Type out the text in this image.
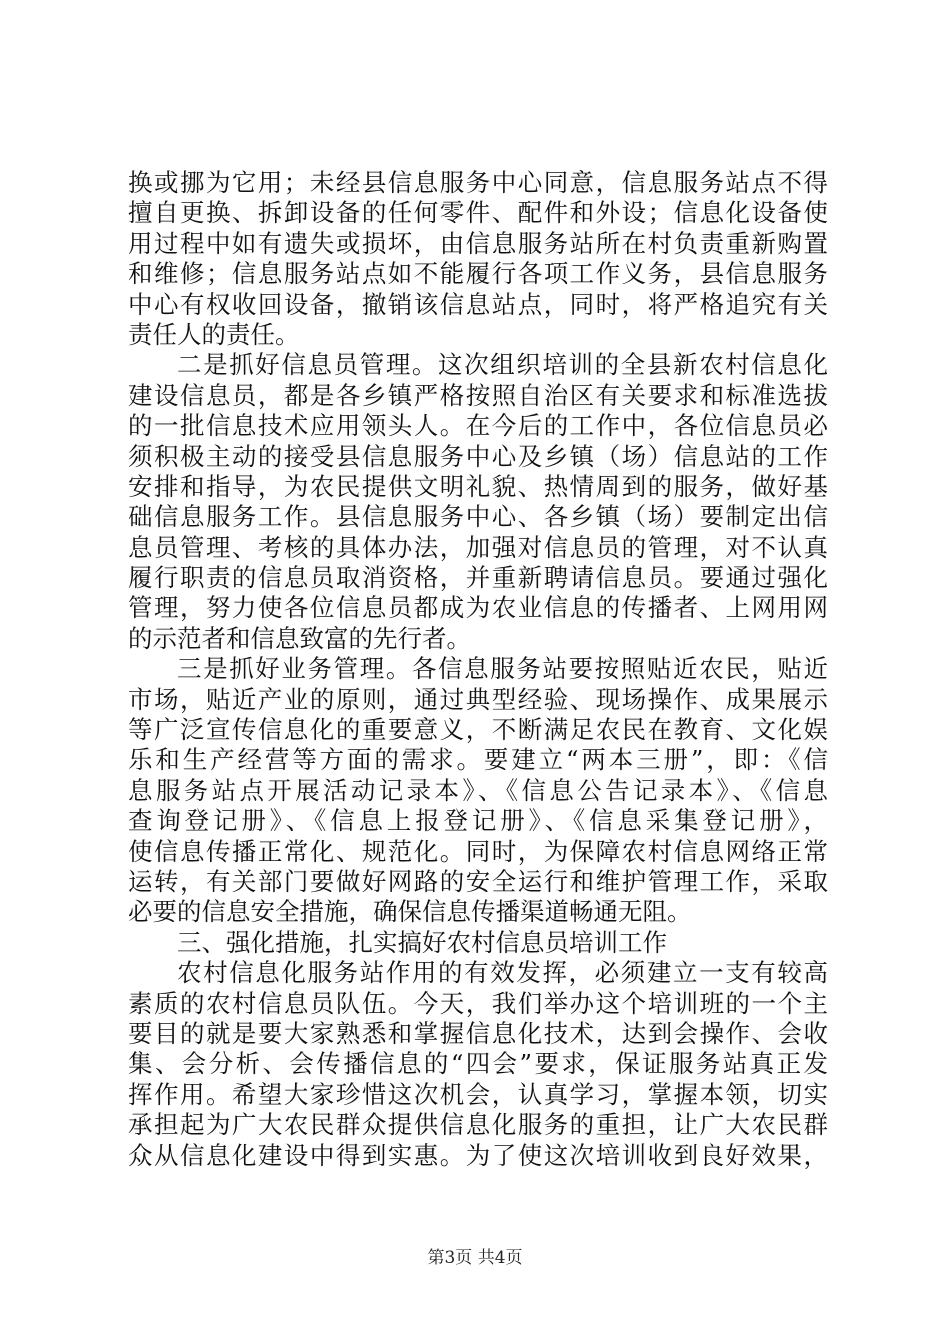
换或挪为它用；未经县信息服务中心同意，信息服务站点不得
擅自更换、拆卸设备的任何零件、配件和外设；信息化设备使
用过程中如有遗失或损坏，由信息服务站所在村负责重新购置
和维修；信息服务站点如不能履行各项工作义务，县信息服务
中心有权收回设备，撤销该信息站点，同时，将严格追究有关
责任人的责任。
二是抓好信息员管理。这次组织培训的全县新农村信息化
建设信息员，都是各乡镇严格按照自治区有关要求和标准选拔
的一批信息技术应用领头人。在今后的工作中，各位信息员必
须积极主动的接受县信息服务中心及乡镇（场）信息站的工作
安排和指导，为农民提供文明礼貌、热情周到的服务，做好基
础信息服务工作。县信息服务中心、各乡镇（场）要制定出信
息员管理、考核的具体办法，加强对信息员的管理，对不认真
履行职责的信息员取消资格，并重新聘请信息员。要通过强化
管理，努力使各位信息员都成为农业信息的传播者、上网用网
的示范者和信息致富的先行者。
三是抓好业务管理。各信息服务站要按照贴近农民，贴近
市场，贴近产业的原则，通过典型经验、现场操作、成果展示
等广泛宣传信息化的重要意义，不断满足农民在教育、文化娱
乐和生产经营等方面的需求。要建立“两本三册”，即：《信
息服务站点开展活动记录本》、《信息公告记录本》、《信息
查询登记册》、《信息上报登记册》、《信息采集登记册》，
使信息传播正常化、规范化。同时，为保障农村信息网络正常
运转，有关部门要做好网路的安全运行和维护管理工作，采取
必要的信息安全措施，确保信息传播渠道畅通无阻。
三、强化措施，扎实搞好农村信息员培训工作
农村信息化服务站作用的有效发挥，必须建立一支有较高
素质的农村信息员队伍。今天，我们举办这个培训班的一个主
要目的就是要大家熟悉和掌握信息化技术，达到会操作、会收
集、会分析、会传播信息的“四会”要求，保证服务站真正发
挥作用。希望大家珍惜这次机会，认真学习，掌握本领，切实
承担起为广大农民群众提供信息化服务的重担，让广大农民群
众从信息化建设中得到实惠。为了使这次培训收到良好效果，
第3页 共4页
